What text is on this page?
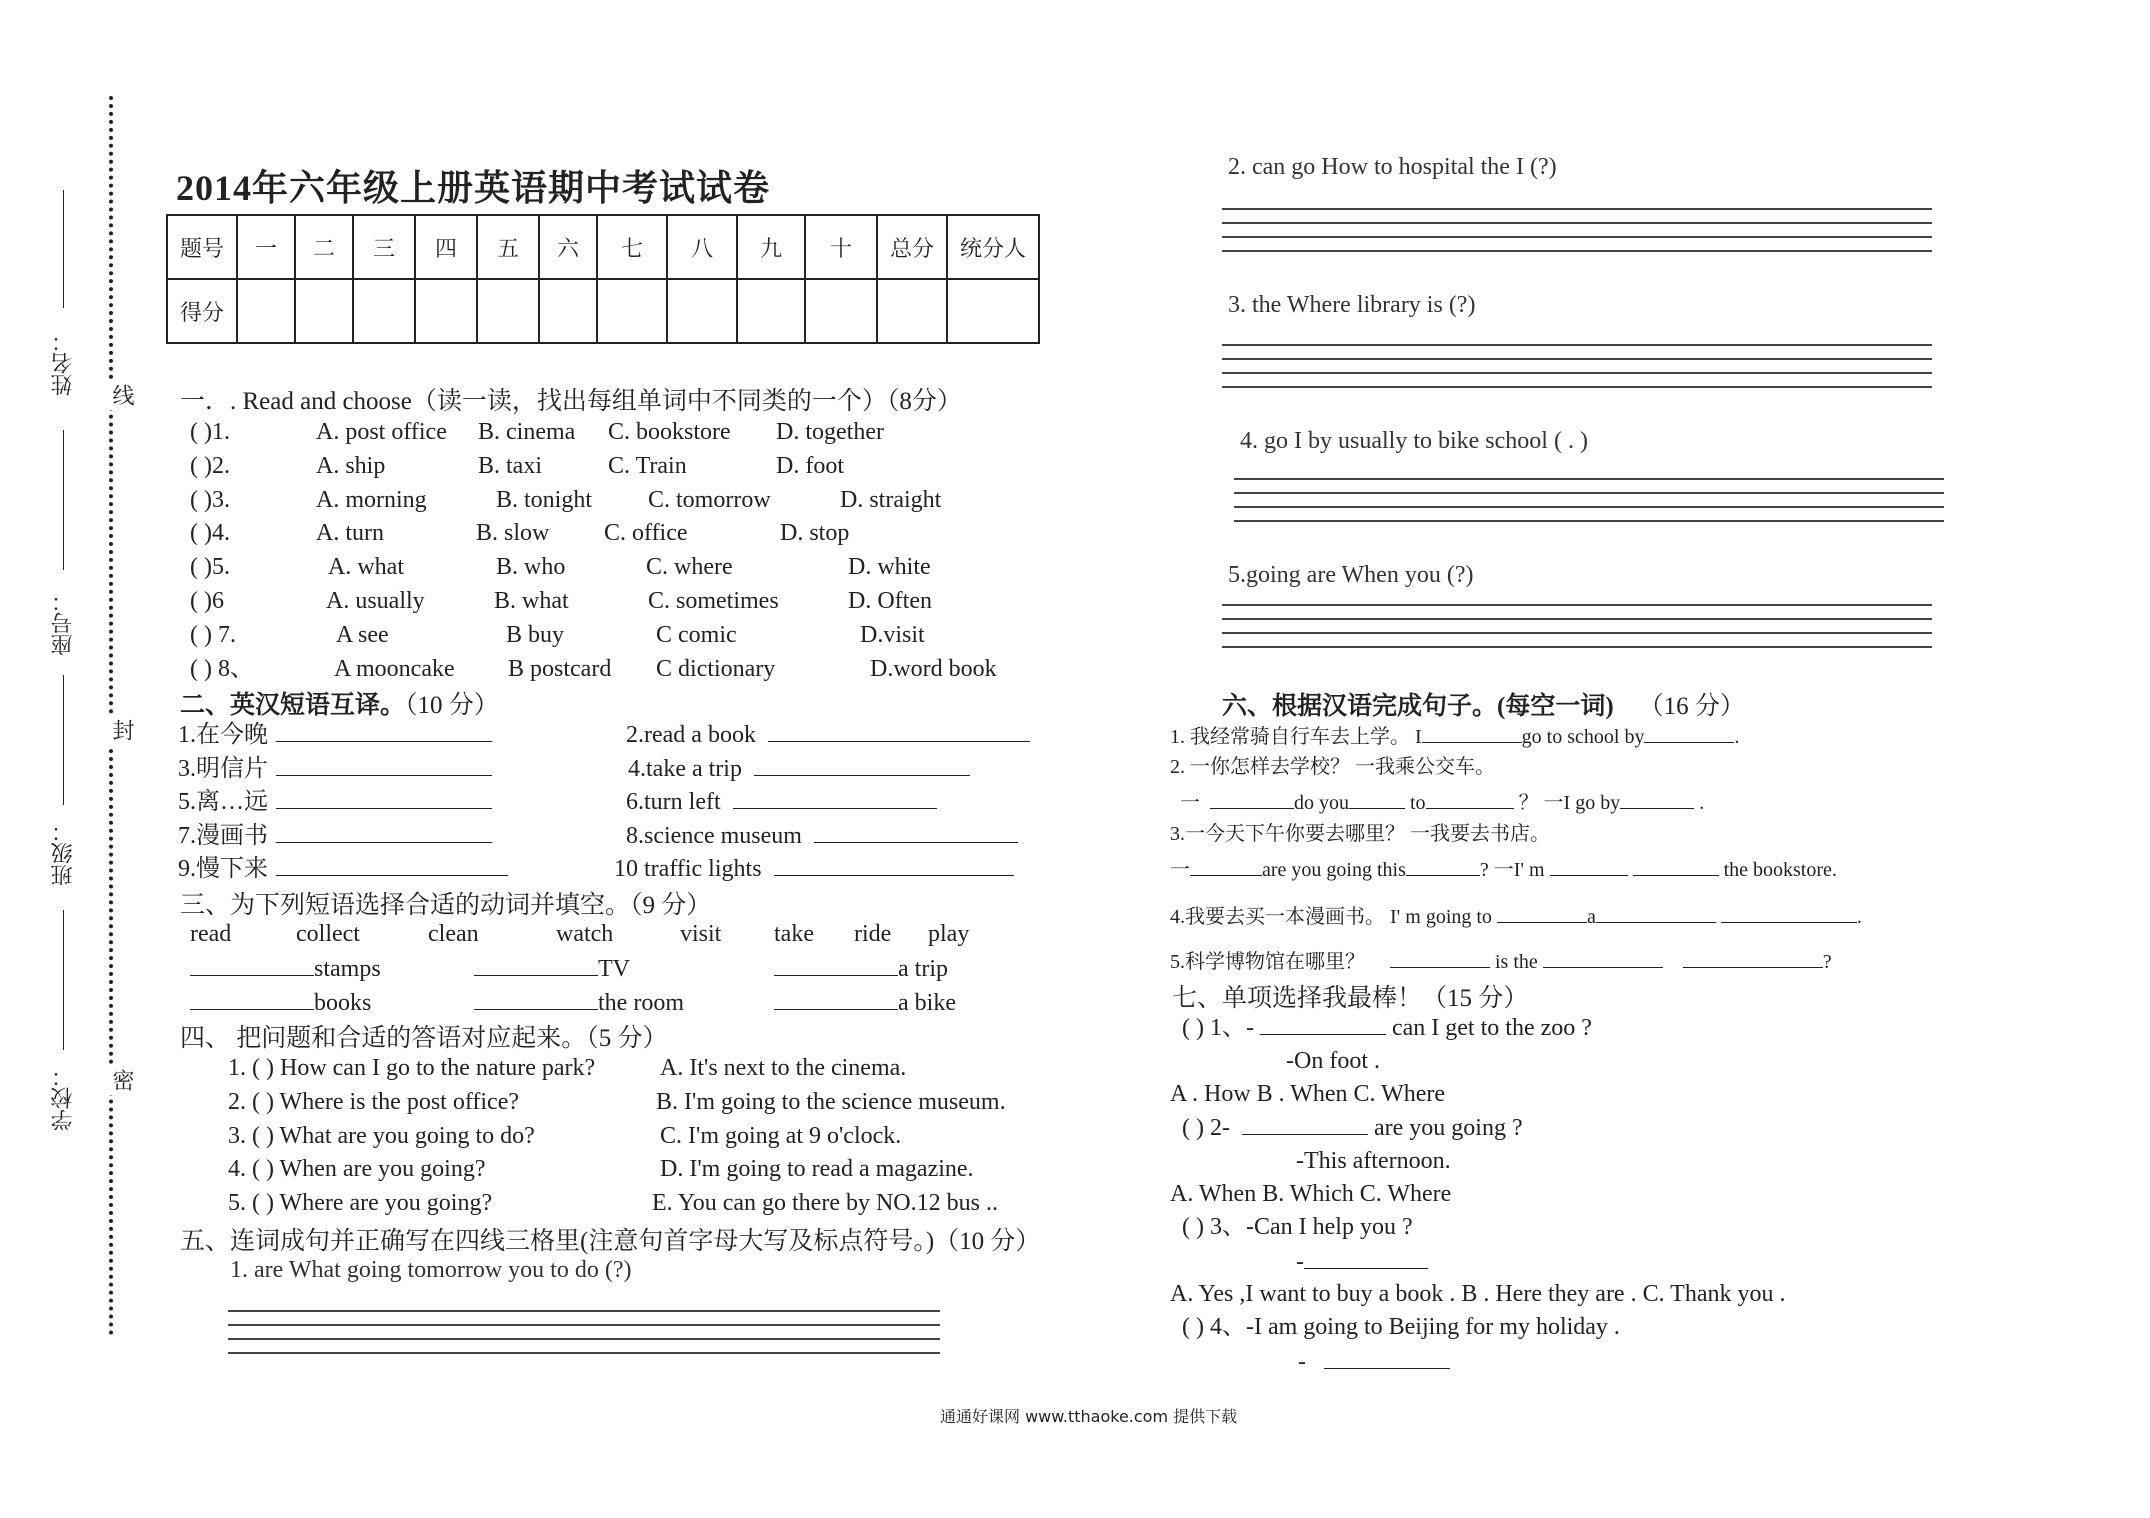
姓名：
座号：
班级：
学校：
线
封
密
2014年六年级上册英语期中考试试卷
题号	一	二	三	四	五	六	七	八	九	十	总分	统分人
得分												
一．. Read and choose（读一读，找出每组单词中不同类的一个）（8分）
( )1.	A. post office B. cinema C. bookstore D. together
( )2.	A. ship	B. taxi	C. Train	D. foot
( )3.	A. morning	B. tonight C. tomorrow	D. straight
( )4.	A. turn	B. slow C. office	D. stop
( )5.	A. what	B. who	C. where	D. white
( )6	A. usually	B. what	C. sometimes	D. Often
( ) 7.	A see	B buy	C comic	D.visit
( ) 8、	A mooncake B postcard C dictionary	D.word book
二、英汉短语互译。（10 分）
1.在今晚
3.明信片
5.离…远
7.漫画书
9.慢下来
2.read a book
4.take a trip
6.turn left
8.science museum
10 traffic lights
三、为下列短语选择合适的动词并填空。（9 分）
read	collect	clean	watch	visit take ride play
stamps	TV	a trip
books	the room	a bike
四、 把问题和合适的答语对应起来。（5 分）
1. ( ) How can I go to the nature park?	A. It's next to the cinema.
2. ( ) Where is the post office?	B. I'm going to the science museum.
3. ( ) What are you going to do?	C. I'm going at 9 o'clock.
4. ( ) When are you going?	D. I'm going to read a magazine.
5. ( ) Where are you going?	E. You can go there by NO.12 bus ..
五、连词成句并正确写在四线三格里(注意句首字母大写及标点符号。)（10 分）
1. are What going tomorrow you to do (?)
2. can go How to hospital the I (?)
3. the Where library is (?)
4. go I by usually to bike school ( . )
5.going are When you (?)
六、根据汉语完成句子。(每空一词) （16 分）
1. 我经常骑自行车去上学。 I	go to school by	.
2. 一你怎样去学校？ 一我乘公交车。
一	do you	to	？ 一I go by	.
3.一今天下午你要去哪里？ 一我要去书店。
一	are you going this	? 一I' m	the bookstore.
4.我要去买一本漫画书。 I' m going to	a	.
5.科学博物馆在哪里？	is the	?
七、单项选择我最棒！（15 分）
( ) 1、-	can I get to the zoo ?
-On foot .
A . How B . When C. Where
( ) 2-	are you going ?
-This afternoon.
A. When B. Which C. Where
( ) 3、-Can I help you ?
-
A. Yes ,I want to buy a book . B . Here they are . C. Thank you .
( ) 4、-I am going to Beijing for my holiday .
-
通通好课网 www.tthaoke.com 提供下载
